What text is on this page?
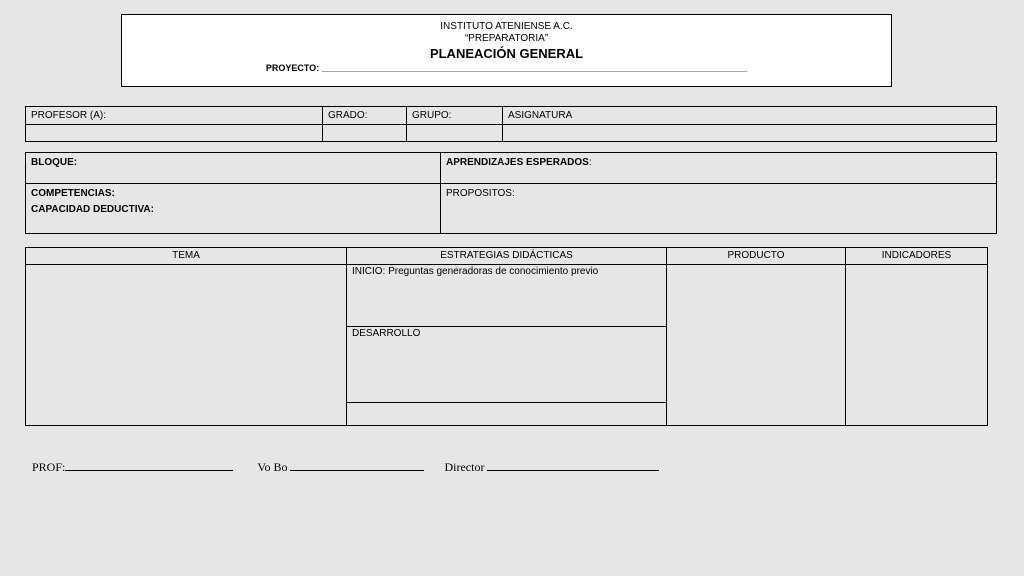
INSTITUTO ATENIENSE A.C.
“PREPARATORIA”
PLANEACIÓN GENERAL
PROYECTO: _____________________________________________________________________________________
PROFESOR (A):	GRADO:	GRUPO:	ASIGNATURA

BLOQUE:	APRENDIZAJES ESPERADOS:

COMPETENCIAS:
CAPACIDAD DEDUCTIVA:	PROPOSITOS:
TEMA	ESTRATEGIAS DIDÁCTICAS	PRODUCTO	INDICADORES
	INICIO: Preguntas generadoras de conocimiento previo		
	DESARROLLO		

PROF:	Vo Bo	Director
